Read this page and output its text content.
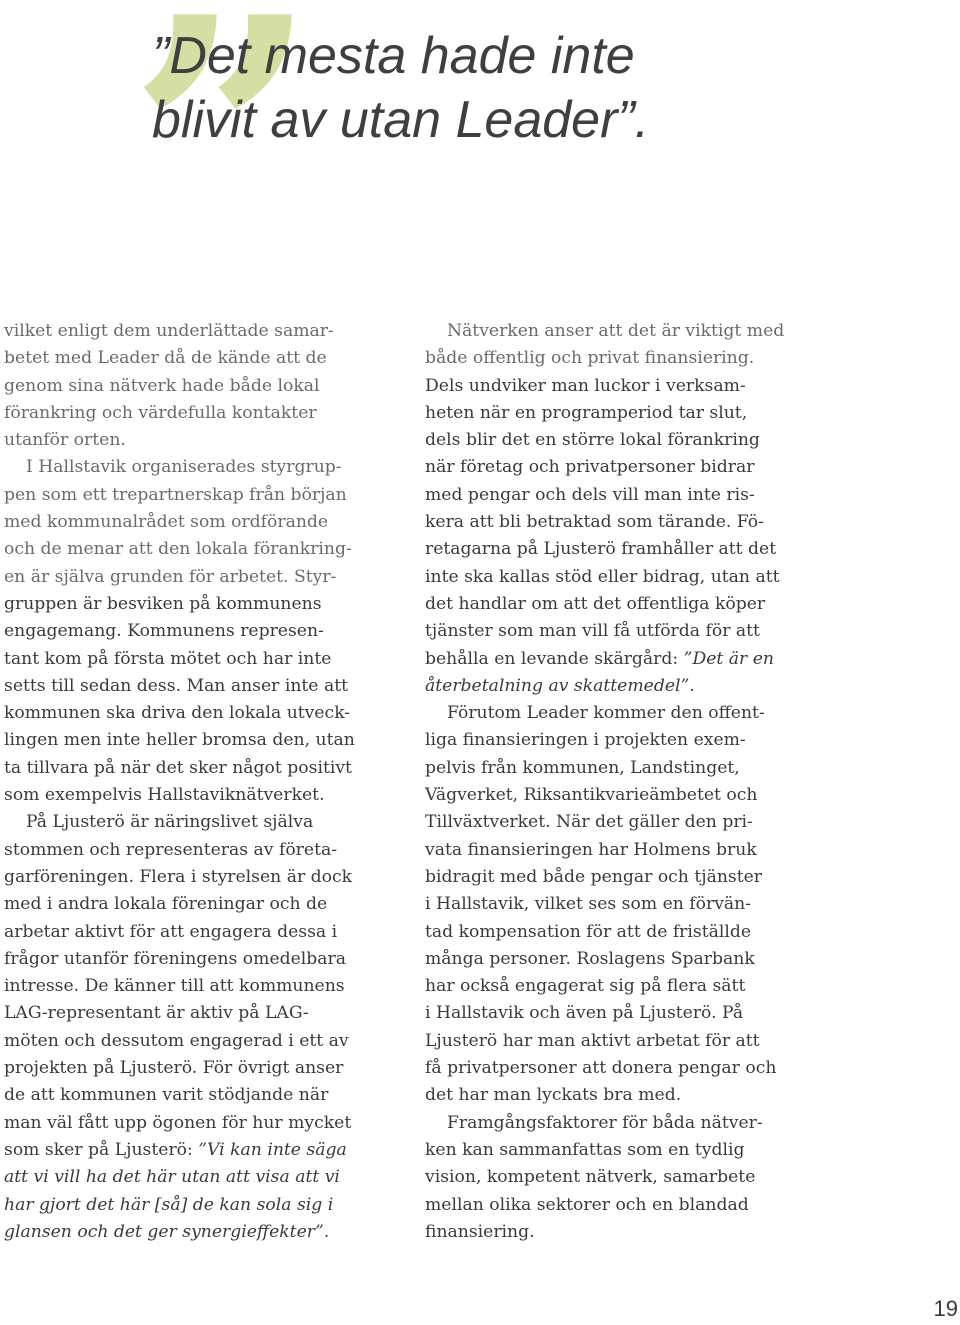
”
”Det mesta hade inte
blivit av utan Leader”.
vilket enligt dem underlättade samar-
betet med Leader då de kände att de
genom sina nätverk hade både lokal
förankring och värdefulla kontakter
utanför orten.
I Hallstavik organiserades styrgrup-
pen som ett trepartnerskap från början
med kommunalrådet som ordförande
och de menar att den lokala förankring-
en är själva grunden för arbetet. Styr-
gruppen är besviken på kommunens
engagemang. Kommunens represen-
tant kom på första mötet och har inte
setts till sedan dess. Man anser inte att
kommunen ska driva den lokala utveck-
lingen men inte heller bromsa den, utan
ta tillvara på när det sker något positivt
som exempelvis Hallstaviknätverket.
På Ljusterö är näringslivet själva
stommen och representeras av företa-
garföreningen. Flera i styrelsen är dock
med i andra lokala föreningar och de
arbetar aktivt för att engagera dessa i
frågor utanför föreningens omedelbara
intresse. De känner till att kommunens
LAG-representant är aktiv på LAG-
möten och dessutom engagerad i ett av
projekten på Ljusterö. För övrigt anser
de att kommunen varit stödjande när
man väl fått upp ögonen för hur mycket
som sker på Ljusterö: ”Vi kan inte säga
att vi vill ha det här utan att visa att vi
har gjort det här [så] de kan sola sig i
glansen och det ger synergieffekter”.
Nätverken anser att det är viktigt med
både offentlig och privat finansiering.
Dels undviker man luckor i verksam-
heten när en programperiod tar slut,
dels blir det en större lokal förankring
när företag och privatpersoner bidrar
med pengar och dels vill man inte ris-
kera att bli betraktad som tärande. Fö-
retagarna på Ljusterö framhåller att det
inte ska kallas stöd eller bidrag, utan att
det handlar om att det offentliga köper
tjänster som man vill få utförda för att
behålla en levande skärgård: ”Det är en
återbetalning av skattemedel”.
Förutom Leader kommer den offent-
liga finansieringen i projekten exem-
pelvis från kommunen, Landstinget,
Vägverket, Riksantikvarieämbetet och
Tillväxtverket. När det gäller den pri-
vata finansieringen har Holmens bruk
bidragit med både pengar och tjänster
i Hallstavik, vilket ses som en förvän-
tad kompensation för att de friställde
många personer. Roslagens Sparbank
har också engagerat sig på flera sätt
i Hallstavik och även på Ljusterö. På
Ljusterö har man aktivt arbetat för att
få privatpersoner att donera pengar och
det har man lyckats bra med.
Framgångsfaktorer för båda nätver-
ken kan sammanfattas som en tydlig
vision, kompetent nätverk, samarbete
mellan olika sektorer och en blandad
finansiering.
19
